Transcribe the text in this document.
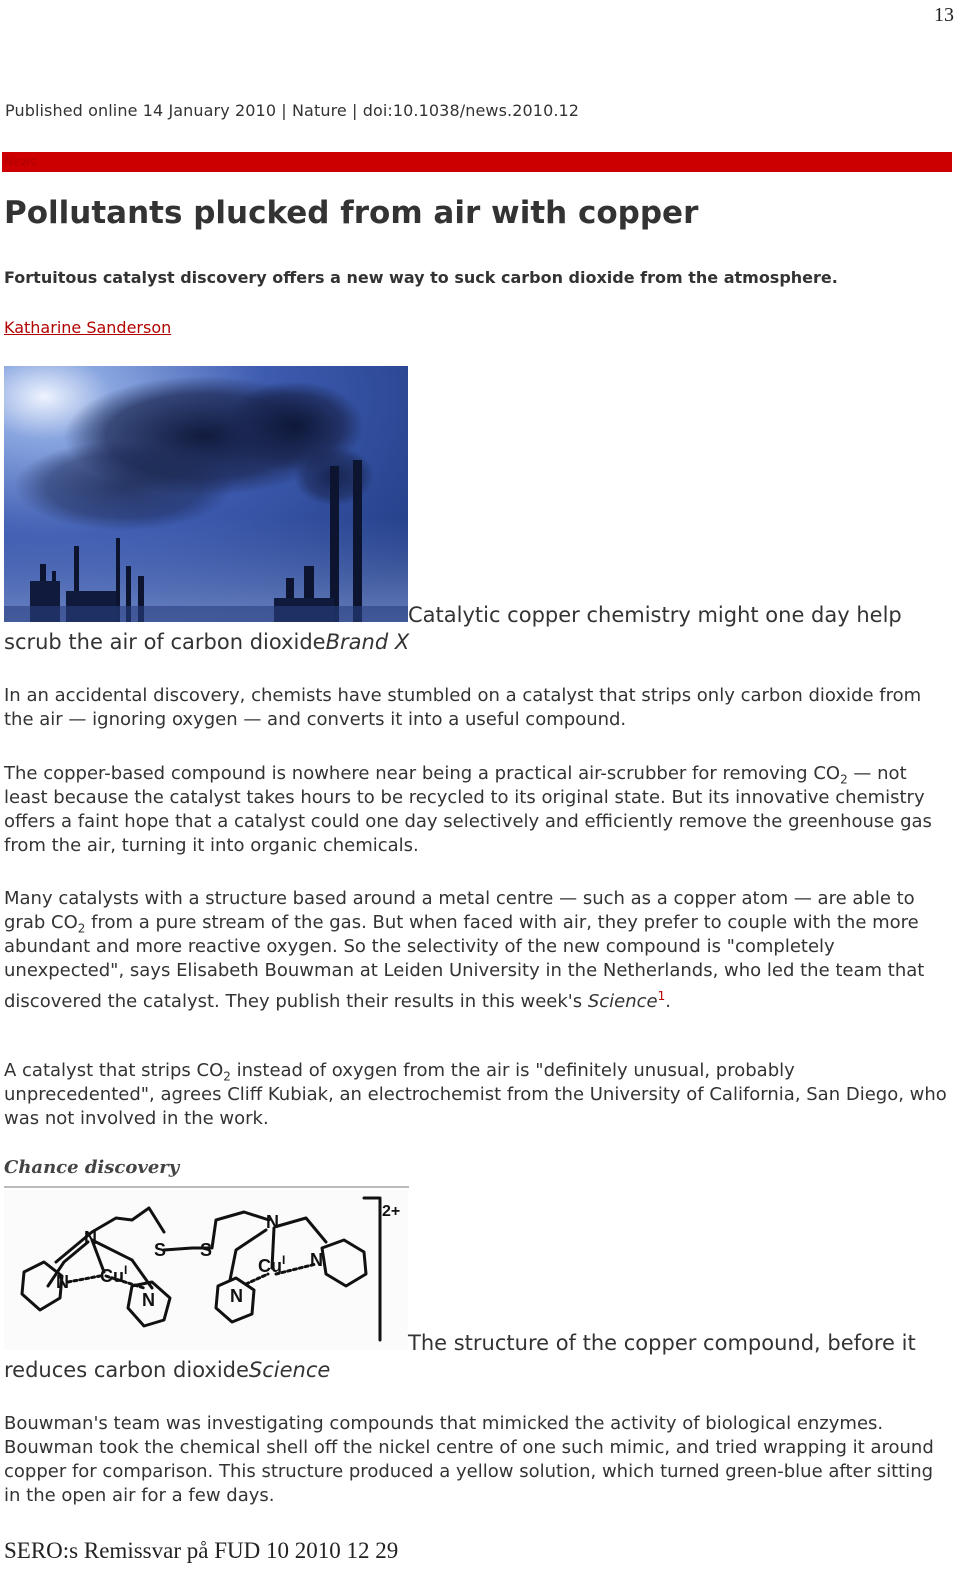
13
Published online 14 January 2010 | Nature | doi:10.1038/news.2010.12
News
Pollutants plucked from air with copper

Fortuitous catalyst discovery offers a new way to suck carbon dioxide from the atmosphere.

Katharine Sanderson
Catalytic copper chemistry might one day help scrub the air of carbon dioxideBrand X

In an accidental discovery, chemists have stumbled on a catalyst that strips only carbon dioxide from the air — ignoring oxygen — and converts it into a useful compound.

The copper-based compound is nowhere near being a practical air-scrubber for removing $CO_2$ — not least because the catalyst takes hours to be recycled to its original state. But its innovative chemistry offers a faint hope that a catalyst could one day selectively and efficiently remove the greenhouse gas from the air, turning it into organic chemicals.

Many catalysts with a structure based around a metal centre — such as a copper atom — are able to grab $CO_2$ from a pure stream of the gas. But when faced with air, they prefer to couple with the more abundant and more reactive oxygen. So the selectivity of the new compound is "completely unexpected", says Elisabeth Bouwman at Leiden University in the Netherlands, who led the team that discovered the catalyst. They publish their results in this week's Science$^1$.

A catalyst that strips $CO_2$ instead of oxygen from the air is "definitely unusual, probably unprecedented", agrees Cliff Kubiak, an electrochemist from the University of California, San Diego, who was not involved in the work.

Chance discovery
N
N
N
S S
N
N
N
$Cu^I$	$Cu^I$
2+
The structure of the copper compound, before it reduces carbon dioxideScience

Bouwman's team was investigating compounds that mimicked the activity of biological enzymes. Bouwman took the chemical shell off the nickel centre of one such mimic, and tried wrapping it around copper for comparison. This structure produced a yellow solution, which turned green-blue after sitting in the open air for a few days.

SERO:s Remissvar på FUD 10 2010 12 29
